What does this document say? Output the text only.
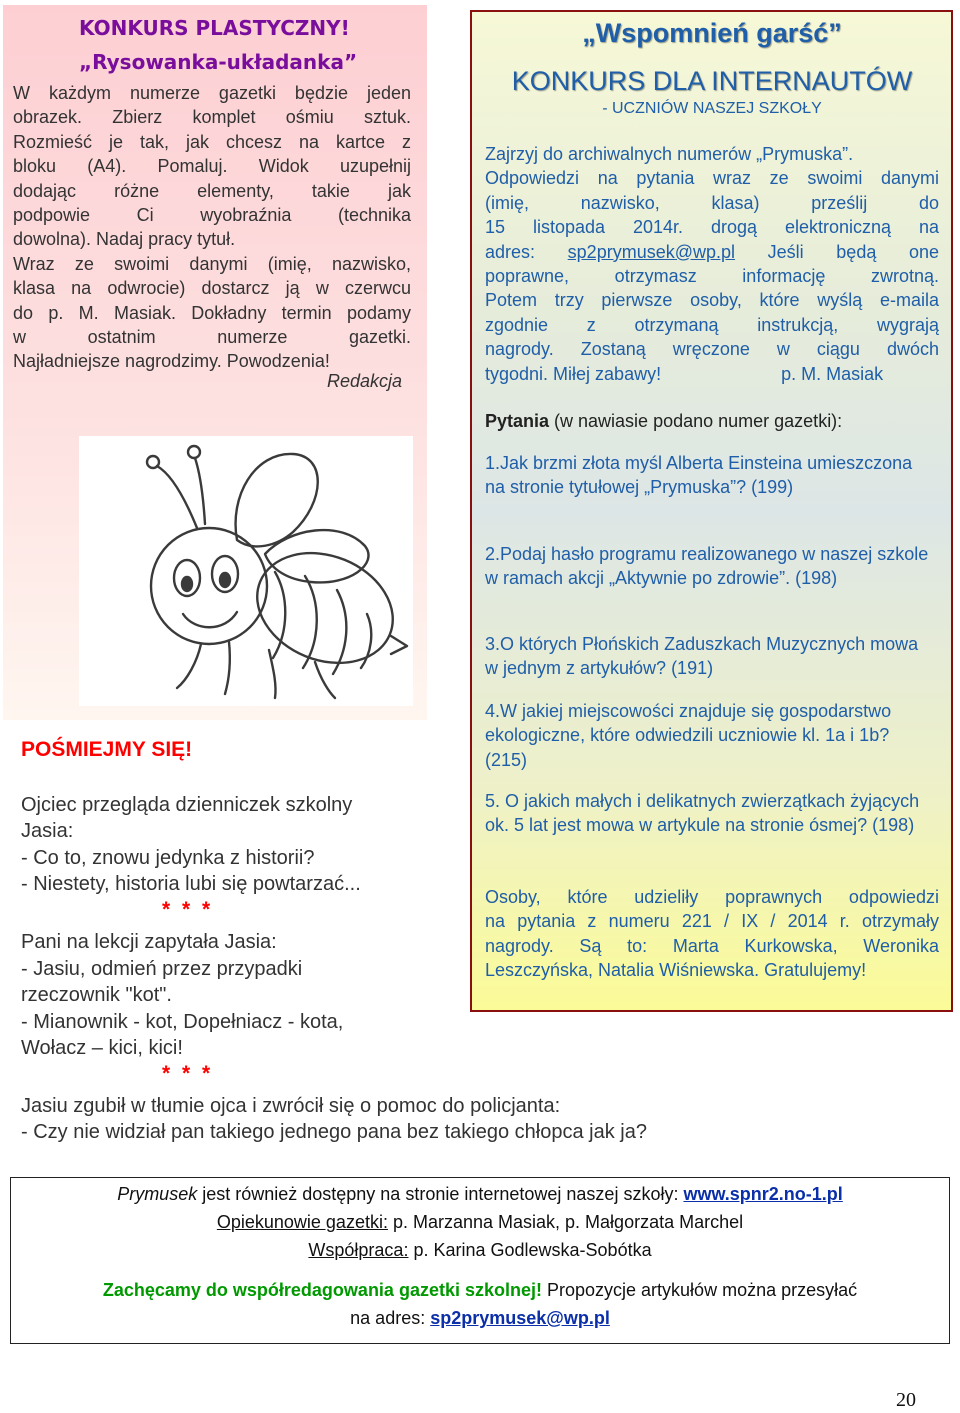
KONKURS PLASTYCZNY!
„Rysowanka-układanka”
W każdym numerze gazetki będzie jeden
obrazek. Zbierz komplet ośmiu sztuk.
Rozmieść je tak, jak chcesz na kartce z
bloku (A4). Pomaluj. Widok uzupełnij
dodając różne elementy, takie jak
podpowie Ci wyobraźnia (technika
dowolna). Nadaj pracy tytuł.
Wraz ze swoimi danymi (imię, nazwisko,
klasa na odwrocie) dostarcz ją w czerwcu
do p. M. Masiak. Dokładny termin podamy
w ostatnim numerze gazetki.
Najładniejsze nagrodzimy. Powodzenia!
Redakcja
POŚMIEJMY SIĘ!
Ojciec przegląda dzienniczek szkolny
Jasia:
- Co to, znowu jedynka z historii?
- Niestety, historia lubi się powtarzać...
* * *
Pani na lekcji zapytała Jasia:
- Jasiu, odmień przez przypadki
rzeczownik "kot".
- Mianownik - kot, Dopełniacz - kota,
Wołacz – kici, kici!
* * *
Jasiu zgubił w tłumie ojca i zwrócił się o pomoc do policjanta:
- Czy nie widział pan takiego jednego pana bez takiego chłopca jak ja?
„Wspomnień garść”
KONKURS DLA INTERNAUTÓW
- UCZNIÓW NASZEJ SZKOŁY
Zajrzyj do archiwalnych numerów „Prymuska”.
Odpowiedzi na pytania wraz ze swoimi danymi
(imię, nazwisko, klasa) prześlij do
15 listopada 2014r. drogą elektroniczną na
adres: sp2prymusek@wp.pl Jeśli będą one
poprawne, otrzymasz informację zwrotną.
Potem trzy pierwsze osoby, które wyślą e-maila
zgodnie z otrzymaną instrukcją, wygrają
nagrody. Zostaną wręczone w ciągu dwóch
tygodni. Miłej zabawy!	p. M. Masiak
Pytania (w nawiasie podano numer gazetki):
1.Jak brzmi złota myśl Alberta Einsteina umieszczona na stronie tytułowej „Prymuska”? (199)
2.Podaj hasło programu realizowanego w naszej szkole w ramach akcji „Aktywnie po zdrowie”. (198)
3.O których Płońskich Zaduszkach Muzycznych mowa w jednym z artykułów? (191)
4.W jakiej miejscowości znajduje się gospodarstwo ekologiczne, które odwiedzili uczniowie kl. 1a i 1b? (215)
5. O jakich małych i delikatnych zwierzątkach żyjących ok. 5 lat jest mowa w artykule na stronie ósmej? (198)
Osoby, które udzieliły poprawnych odpowiedzi
na pytania z numeru 221 / IX / 2014 r. otrzymały
nagrody. Są to: Marta Kurkowska, Weronika
Leszczyńska, Natalia Wiśniewska. Gratulujemy!
Prymusek jest również dostępny na stronie internetowej naszej szkoły: www.spnr2.no-1.pl
Opiekunowie gazetki: p. Marzanna Masiak, p. Małgorzata Marchel
Współpraca: p. Karina Godlewska-Sobótka
Zachęcamy do współredagowania gazetki szkolnej! Propozycje artykułów można przesyłać
na adres: sp2prymusek@wp.pl
20
